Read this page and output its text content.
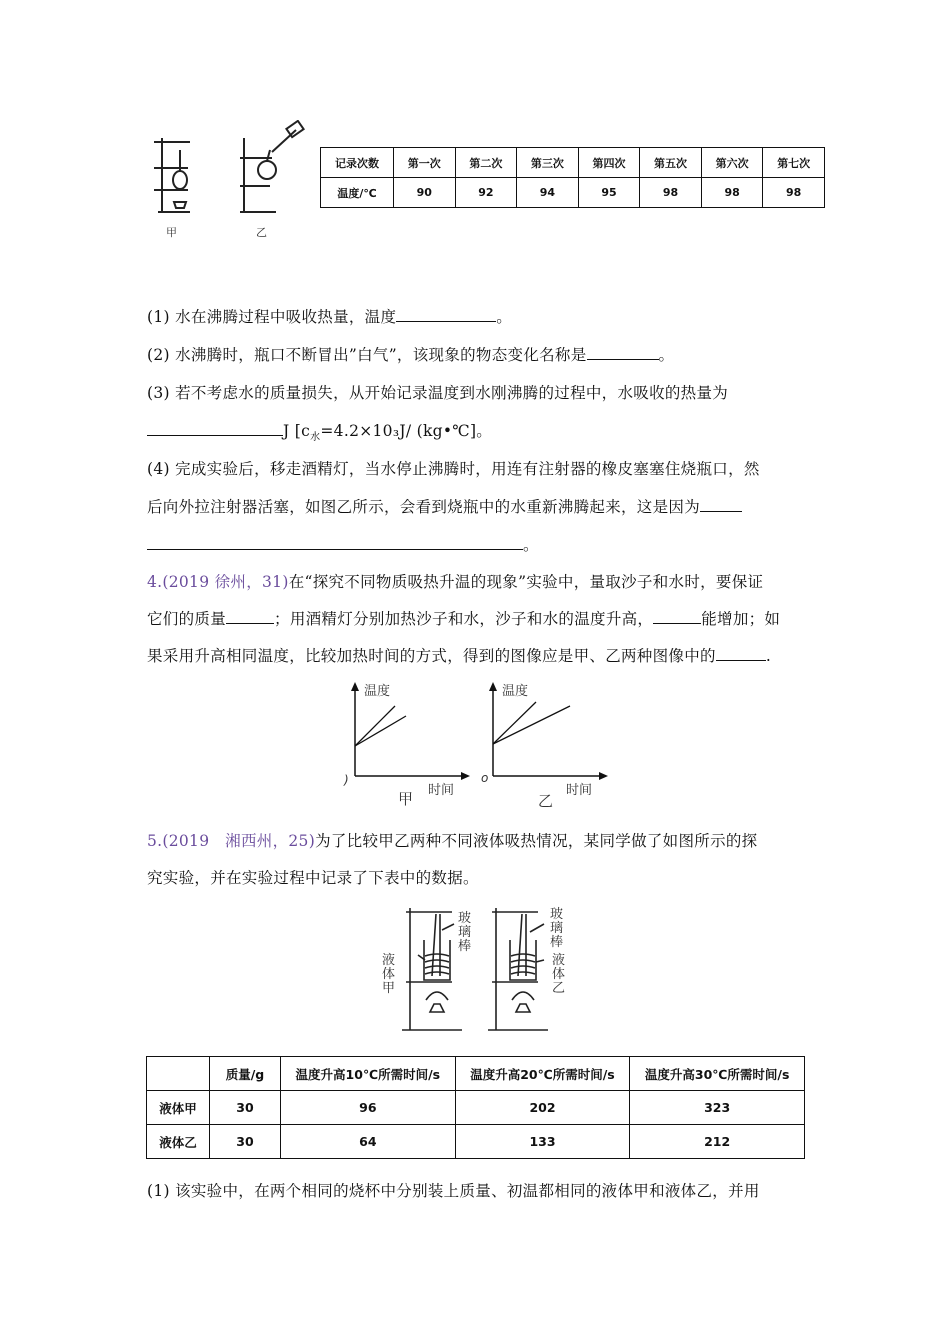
甲	乙
记录次数	第一次	第二次	第三次	第四次	第五次	第六次	第七次
温度/℃	90	92	94	95	98	98	98
(1) 水在沸腾过程中吸收热量，温度	。
(2) 水沸腾时，瓶口不断冒出”白气”，该现象的物态变化名称是	。
(3) 若不考虑水的质量损失，从开始记录温度到水刚沸腾的过程中，水吸收的热量为
J [$c_水=4.2\times 10_3J/$ (kg•℃]。
(4) 完成实验后，移走酒精灯，当水停止沸腾时，用连有注射器的橡皮塞塞住烧瓶口，然
后向外拉注射器活塞，如图乙所示，会看到烧瓶中的水重新沸腾起来，这是因为
。
4.(2019 徐州，31)在“探究不同物质吸热升温的现象”实验中，量取沙子和水时，要保证
它们的质量	；用酒精灯分别加热沙子和水，沙子和水的温度升高，	能增加；如
果采用升高相同温度，比较加热时间的方式，得到的图像应是甲、乙两种图像中的	.
温度
时间
)
甲
温度
时间
o
乙
5.(2019　湘西州，25)为了比较甲乙两种不同液体吸热情况，某同学做了如图所示的探
究实验，并在实验过程中记录了下表中的数据。
玻璃棒
液体甲
玻璃棒
液体乙
	质量/g	温度升高10℃所需时间/s	温度升高20℃所需时间/s	温度升高30℃所需时间/s
液体甲	30	96	202	323
液体乙	30	64	133	212
(1) 该实验中，在两个相同的烧杯中分别装上质量、初温都相同的液体甲和液体乙，并用
